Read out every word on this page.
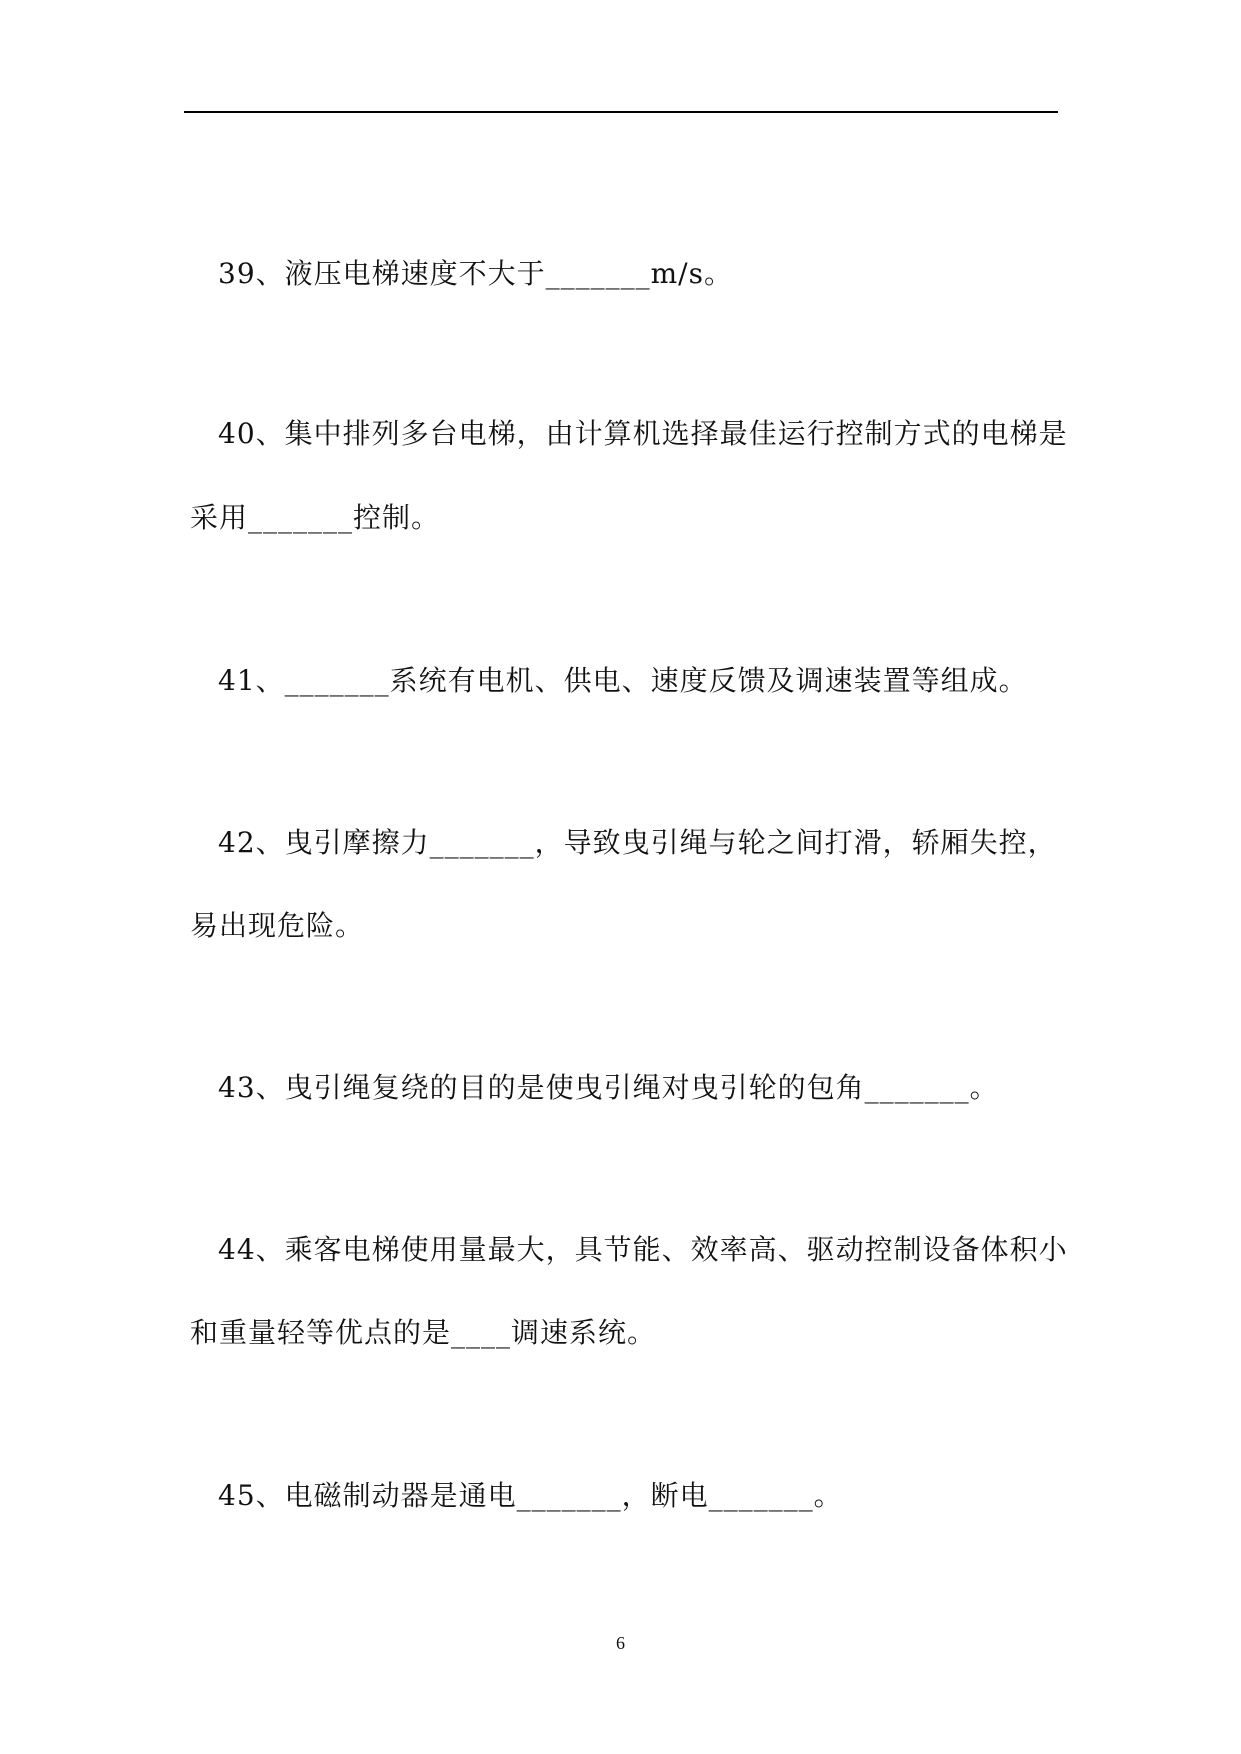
39、液压电梯速度不大于_______m/s。
40、集中排列多台电梯，由计算机选择最佳运行控制方式的电梯是
采用_______控制。
41、_______系统有电机、供电、速度反馈及调速装置等组成。
42、曳引摩擦力_______，导致曳引绳与轮之间打滑，轿厢失控，
易出现危险。
43、曳引绳复绕的目的是使曳引绳对曳引轮的包角_______。
44、乘客电梯使用量最大，具节能、效率高、驱动控制设备体积小
和重量轻等优点的是____调速系统。
45、电磁制动器是通电_______，断电_______。
6
